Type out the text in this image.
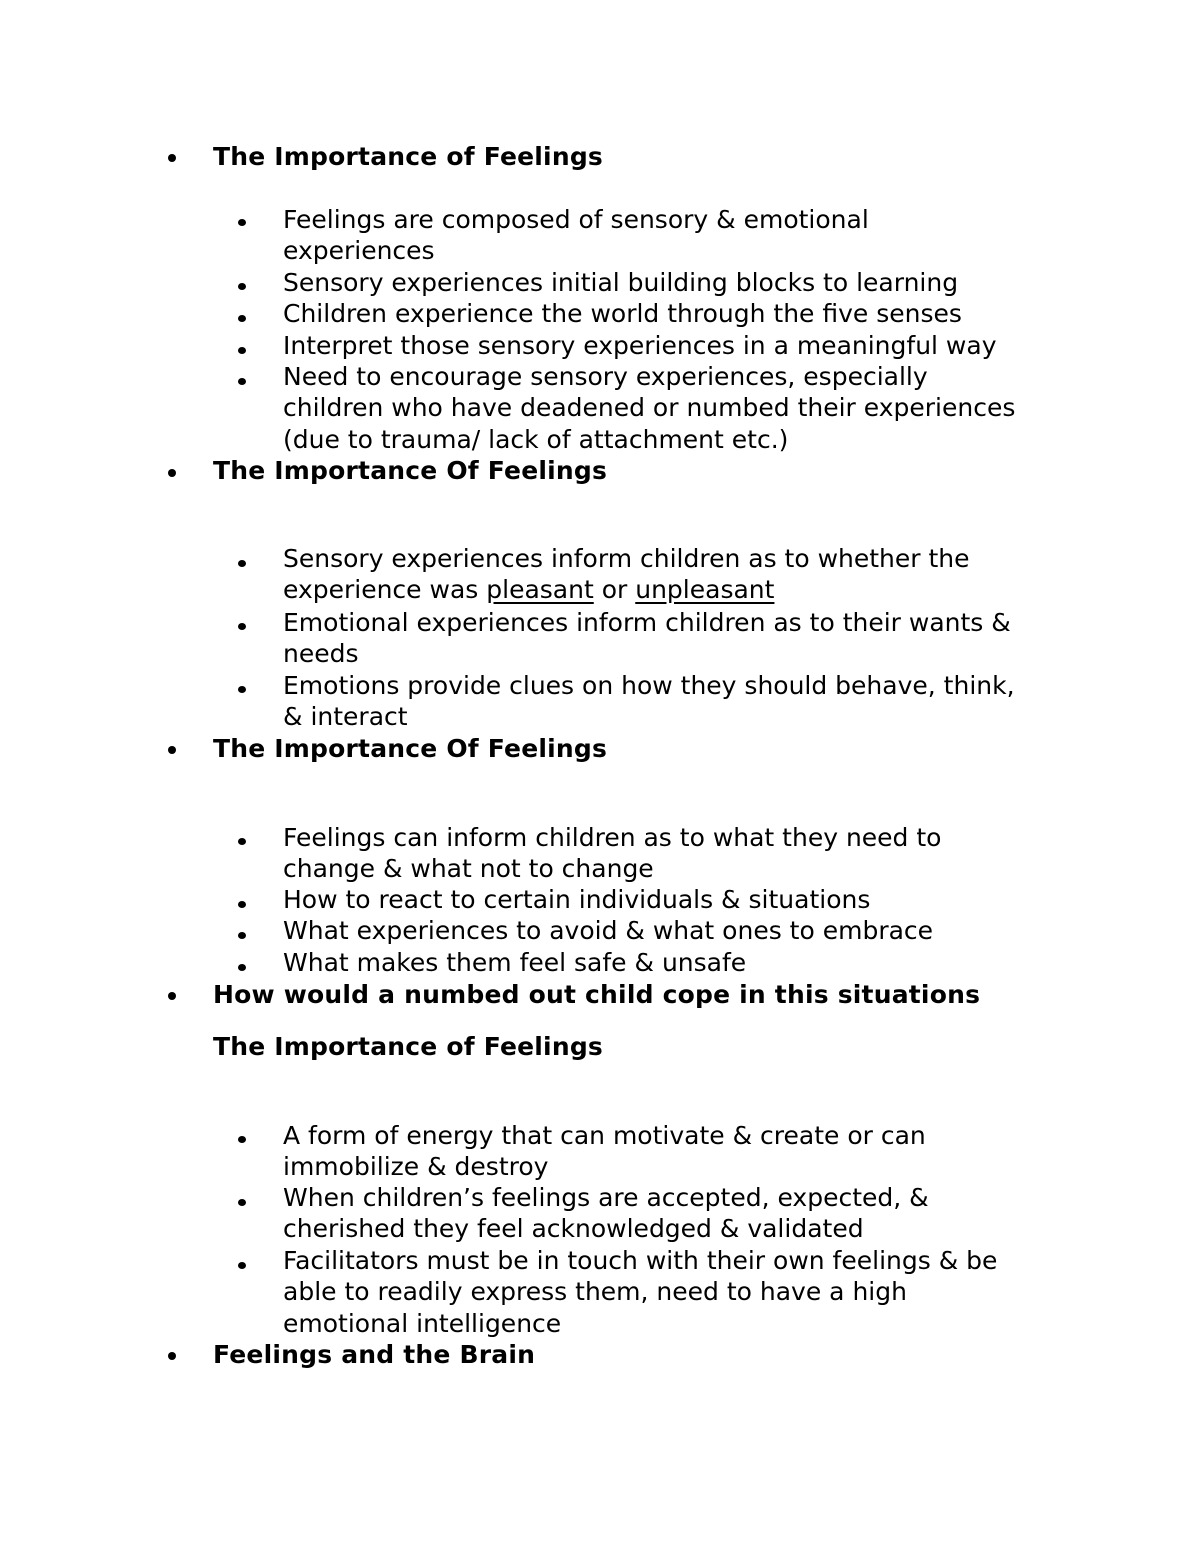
The Importance of Feelings
Feelings are composed of sensory & emotional
experiences
Sensory experiences initial building blocks to learning
Children experience the world through the five senses
Interpret those sensory experiences in a meaningful way
Need to encourage sensory experiences, especially
children who have deadened or numbed their experiences
(due to trauma/ lack of attachment etc.)
The Importance Of Feelings
Sensory experiences inform children as to whether the
experience was pleasant or unpleasant
Emotional experiences inform children as to their wants &
needs
Emotions provide clues on how they should behave, think,
& interact
The Importance Of Feelings
Feelings can inform children as to what they need to
change & what not to change
How to react to certain individuals & situations
What experiences to avoid & what ones to embrace
What makes them feel safe & unsafe
How would a numbed out child cope in this situations
The Importance of Feelings
A form of energy that can motivate & create or can
immobilize & destroy
When children’s feelings are accepted, expected, &
cherished they feel acknowledged & validated
Facilitators must be in touch with their own feelings & be
able to readily express them, need to have a high
emotional intelligence
Feelings and the Brain
